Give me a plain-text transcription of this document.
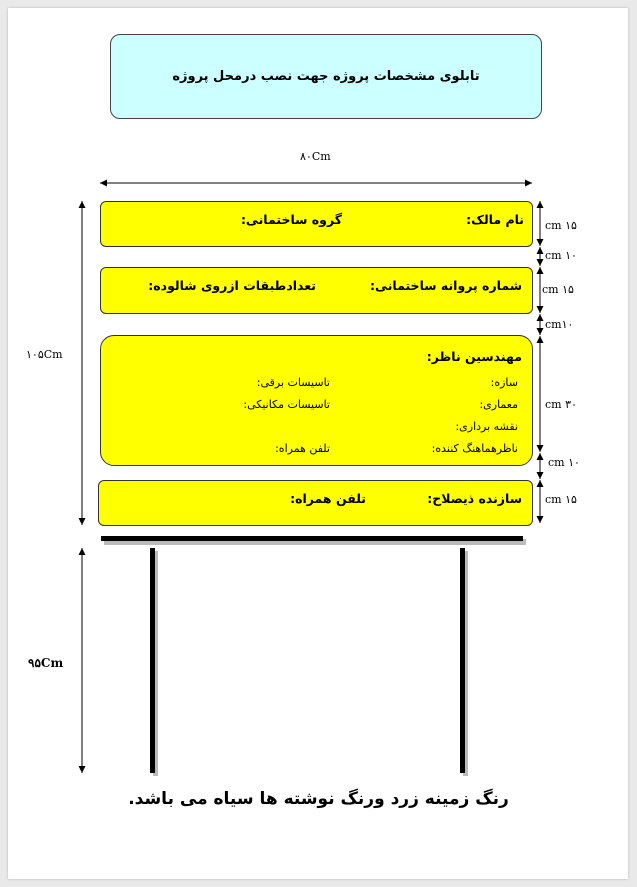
تابلوی مشخصات پروژه جهت نصب درمحل پروژه
۸۰Cm
۱۰۵Cm
۹۵Cm
cm ۱۵
cm ۱۰
cm ۱۵
cm۱۰
cm ۳۰
cm ۱۰
cm ۱۵
نام مالک:
گروه ساختمانی:
شماره پروانه ساختمانی:
تعدادطبقات ازروی شالوده:
مهندسین ناظر:
سازه:
تاسیسات برقی:
معماری:
تاسیسات مکانیکی:
نقشه برداری:
ناظرهماهنگ کننده:
تلفن همراه:
سازنده ذیصلاح:
تلفن همراه:
رنگ زمینه زرد ورنگ نوشته ها سیاه می باشد.
